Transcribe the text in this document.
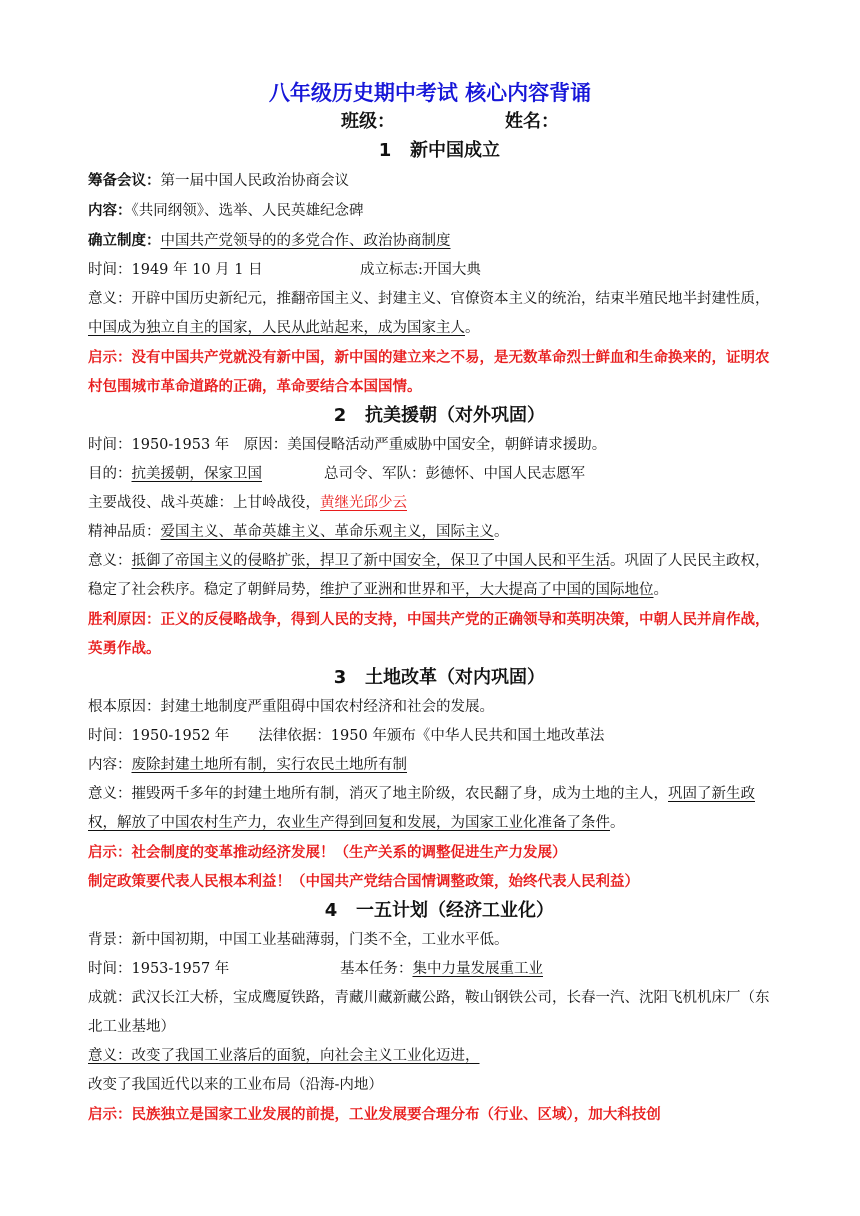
八年级历史期中考试 核心内容背诵
班级：	姓名：
1 新中国成立
筹备会议：第一届中国人民政治协商会议
内容：《共同纲领》、选举、人民英雄纪念碑
确立制度：中国共产党领导的的多党合作、政治协商制度
时间：1949 年 10 月 1 日	成立标志:开国大典
意义：开辟中国历史新纪元，推翻帝国主义、封建主义、官僚资本主义的统治，结束半殖民地半封建性质，中国成为独立自主的国家，人民从此站起来，成为国家主人。
启示：没有中国共产党就没有新中国，新中国的建立来之不易，是无数革命烈士鲜血和生命换来的，证明农村包围城市革命道路的正确，革命要结合本国国情。
2 抗美援朝（对外巩固）
时间：1950-1953 年　原因：美国侵略活动严重威胁中国安全，朝鲜请求援助。
目的：抗美援朝，保家卫国	总司令、军队：彭德怀、中国人民志愿军
主要战役、战斗英雄：上甘岭战役，黄继光邱少云
精神品质：爱国主义、革命英雄主义、革命乐观主义，国际主义。
意义：抵御了帝国主义的侵略扩张，捍卫了新中国安全，保卫了中国人民和平生活。巩固了人民民主政权，稳定了社会秩序。稳定了朝鲜局势，维护了亚洲和世界和平，大大提高了中国的国际地位。
胜利原因：正义的反侵略战争，得到人民的支持，中国共产党的正确领导和英明决策，中朝人民并肩作战，英勇作战。
3 土地改革（对内巩固）
根本原因：封建土地制度严重阻碍中国农村经济和社会的发展。
时间：1950-1952 年　　法律依据：1950 年颁布《中华人民共和国土地改革法
内容：废除封建土地所有制，实行农民土地所有制
意义：摧毁两千多年的封建土地所有制，消灭了地主阶级，农民翻了身，成为土地的主人，巩固了新生政权，解放了中国农村生产力，农业生产得到回复和发展，为国家工业化准备了条件。
启示：社会制度的变革推动经济发展！（生产关系的调整促进生产力发展）
制定政策要代表人民根本利益！（中国共产党结合国情调整政策，始终代表人民利益）
4 一五计划（经济工业化）
背景：新中国初期，中国工业基础薄弱，门类不全，工业水平低。
时间：1953-1957 年	基本任务：集中力量发展重工业
成就：武汉长江大桥，宝成鹰厦铁路，青藏川藏新藏公路，鞍山钢铁公司，长春一汽、沈阳飞机机床厂（东北工业基地）
意义：改变了我国工业落后的面貌，向社会主义工业化迈进，改变了我国近代以来的工业布局（沿海-内地）
启示：民族独立是国家工业发展的前提，工业发展要合理分布（行业、区域），加大科技创
